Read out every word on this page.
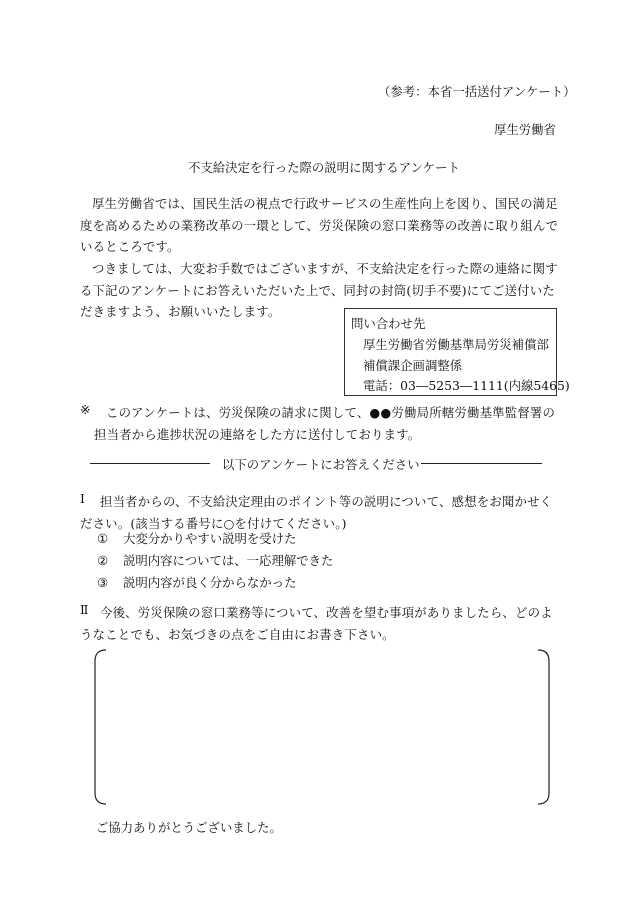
（参考：本省一括送付アンケート）
厚生労働省
不支給決定を行った際の説明に関するアンケート
厚生労働省では、国民生活の視点で行政サービスの生産性向上を図り、国民の満足度を高めるための業務改革の一環として、労災保険の窓口業務等の改善に取り組んでいるところです。
つきましては、大変お手数ではございますが、不支給決定を行った際の連絡に関する下記のアンケートにお答えいただいた上で、同封の封筒(切手不要)にてご送付いただきますよう、お願いいたします。
問い合わせ先
厚生労働省労働基準局労災補償部
補償課企画調整係
電話：03―5253―1111(内線5465)
※	このアンケートは、労災保険の請求に関して、●●労働局所轄労働基準監督署の担当者から進捗状況の連絡をした方に送付しております。
以下のアンケートにお答えください
Ⅰ	担当者からの、不支給決定理由のポイント等の説明について、感想をお聞かせください。(該当する番号に○を付けてください。)
① 大変分かりやすい説明を受けた
② 説明内容については、一応理解できた
③ 説明内容が良く分からなかった
Ⅱ 今後、労災保険の窓口業務等について、改善を望む事項がありましたら、どのようなことでも、お気づきの点をご自由にお書き下さい。
ご協力ありがとうございました。
